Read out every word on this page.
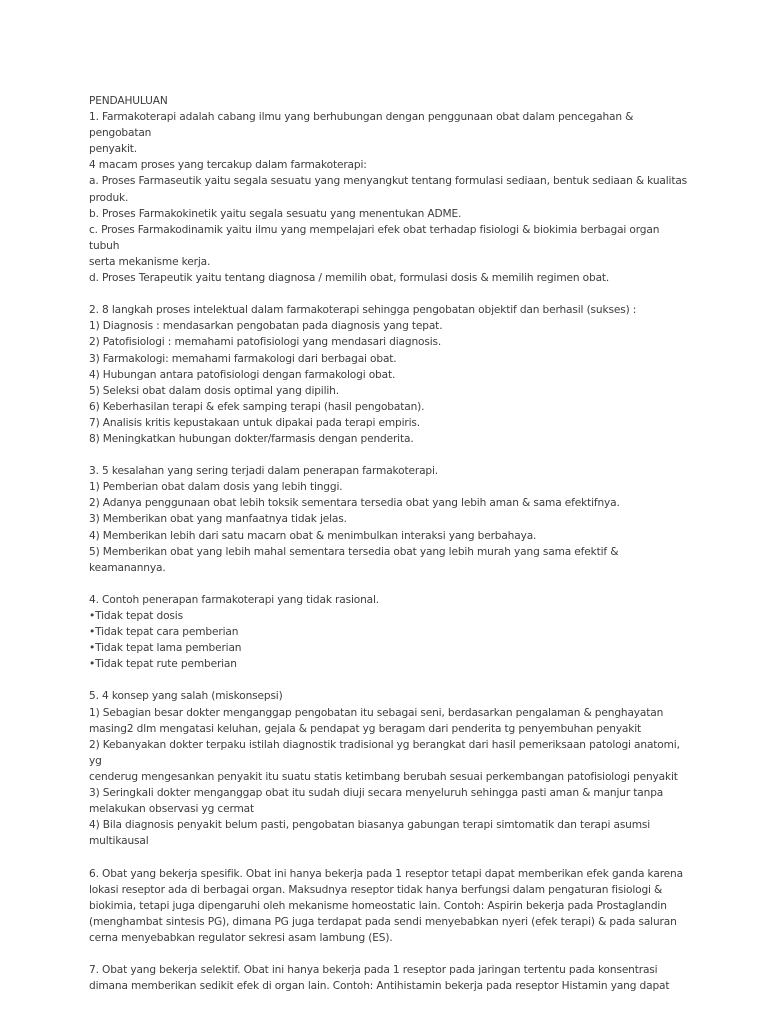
PENDAHULUAN
1. Farmakoterapi adalah cabang ilmu yang berhubungan dengan penggunaan obat dalam pencegahan & pengobatan
penyakit.
4 macam proses yang tercakup dalam farmakoterapi:
a. Proses Farmaseutik yaitu segala sesuatu yang menyangkut tentang formulasi sediaan, bentuk sediaan & kualitas
produk.
b. Proses Farmakokinetik yaitu segala sesuatu yang menentukan ADME.
c. Proses Farmakodinamik yaitu ilmu yang mempelajari efek obat terhadap fisiologi & biokimia berbagai organ tubuh
serta mekanisme kerja.
d. Proses Terapeutik yaitu tentang diagnosa / memilih obat, formulasi dosis & memilih regimen obat.
2. 8 langkah proses intelektual dalam farmakoterapi sehingga pengobatan objektif dan berhasil (sukses) :
1) Diagnosis : mendasarkan pengobatan pada diagnosis yang tepat.
2) Patofisiologi : memahami patofisiologi yang mendasari diagnosis.
3) Farmakologi: memahami farmakologi dari berbagai obat.
4) Hubungan antara patofisiologi dengan farmakologi obat.
5) Seleksi obat dalam dosis optimal yang dipilih.
6) Keberhasilan terapi & efek samping terapi (hasil pengobatan).
7) Analisis kritis kepustakaan untuk dipakai pada terapi empiris.
8) Meningkatkan hubungan dokter/farmasis dengan penderita.
3. 5 kesalahan yang sering terjadi dalam penerapan farmakoterapi.
1) Pemberian obat dalam dosis yang lebih tinggi.
2) Adanya penggunaan obat lebih toksik sementara tersedia obat yang lebih aman & sama efektifnya.
3) Memberikan obat yang manfaatnya tidak jelas.
4) Memberikan lebih dari satu macarn obat & menimbulkan interaksi yang berbahaya.
5) Memberikan obat yang lebih mahal sementara tersedia obat yang lebih murah yang sama efektif & keamanannya.
4. Contoh penerapan farmakoterapi yang tidak rasional.
• Tidak tepat dosis
• Tidak tepat cara pemberian
• Tidak tepat lama pemberian
• Tidak tepat rute pemberian
5. 4 konsep yang salah (miskonsepsi)
1) Sebagian besar dokter menganggap pengobatan itu sebagai seni, berdasarkan pengalaman & penghayatan
masing2 dlm mengatasi keluhan, gejala & pendapat yg beragam dari penderita tg penyembuhan penyakit
2) Kebanyakan dokter terpaku istilah diagnostik tradisional yg berangkat dari hasil pemeriksaan patologi anatomi, yg
cenderug mengesankan penyakit itu suatu statis ketimbang berubah sesuai perkembangan patofisiologi penyakit
3) Seringkali dokter menganggap obat itu sudah diuji secara menyeluruh sehingga pasti aman & manjur tanpa
melakukan observasi yg cermat
4) Bila diagnosis penyakit belum pasti, pengobatan biasanya gabungan terapi simtomatik dan terapi asumsi
multikausal
6. Obat yang bekerja spesifik. Obat ini hanya bekerja pada 1 reseptor tetapi dapat memberikan efek ganda karena
lokasi reseptor ada di berbagai organ. Maksudnya reseptor tidak hanya berfungsi dalam pengaturan fisiologi &
biokimia, tetapi juga dipengaruhi oleh mekanisme homeostatic lain. Contoh: Aspirin bekerja pada Prostaglandin
(menghambat sintesis PG), dimana PG juga terdapat pada sendi menyebabkan nyeri (efek terapi) & pada saluran
cerna menyebabkan regulator sekresi asam lambung (ES).
7. Obat yang bekerja selektif. Obat ini hanya bekerja pada 1 reseptor pada jaringan tertentu pada konsentrasi
dimana memberikan sedikit efek di organ lain. Contoh: Antihistamin bekerja pada reseptor Histamin yang dapat
